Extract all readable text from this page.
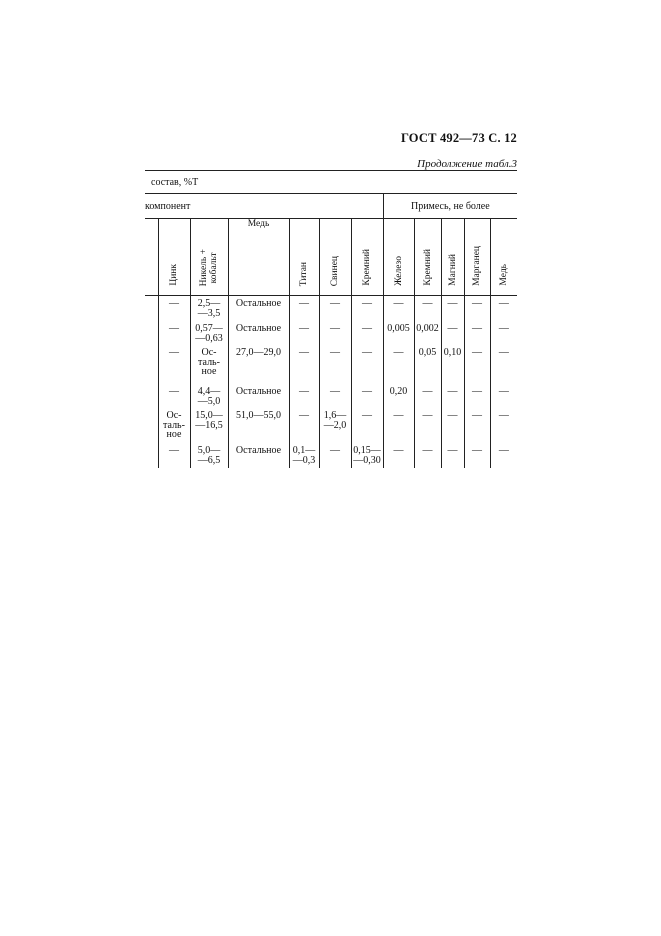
ГОСТ 492—73 С. 12
Продолжение табл.3
состав, %Т											
компонент							Примесь, не более				
	Цинк	Никель +
кобальт	Медь	Титан	Свинец	Кремний	Железо	Кремний	Магний	Марганец	Медь
	—	2,5—
—3,5	Остальное	—	—	—	—	—	—	—	—
	—	0,57—
—0,63	Остальное	—	—	—	0,005	0,002	—	—	—
	—	Ос-
таль-
ное	27,0—29,0	—	—	—	—	0,05	0,10	—	—
	—	4,4—
—5,0	Остальное	—	—	—	0,20	—	—	—	—
	Ос-
таль-
ное	15,0—
—16,5	51,0—55,0	—	1,6—
—2,0	—	—	—	—	—	—
	—	5,0—
—6,5	Остальное	0,1—
—0,3	—	0,15—
—0,30	—	—	—	—	—
